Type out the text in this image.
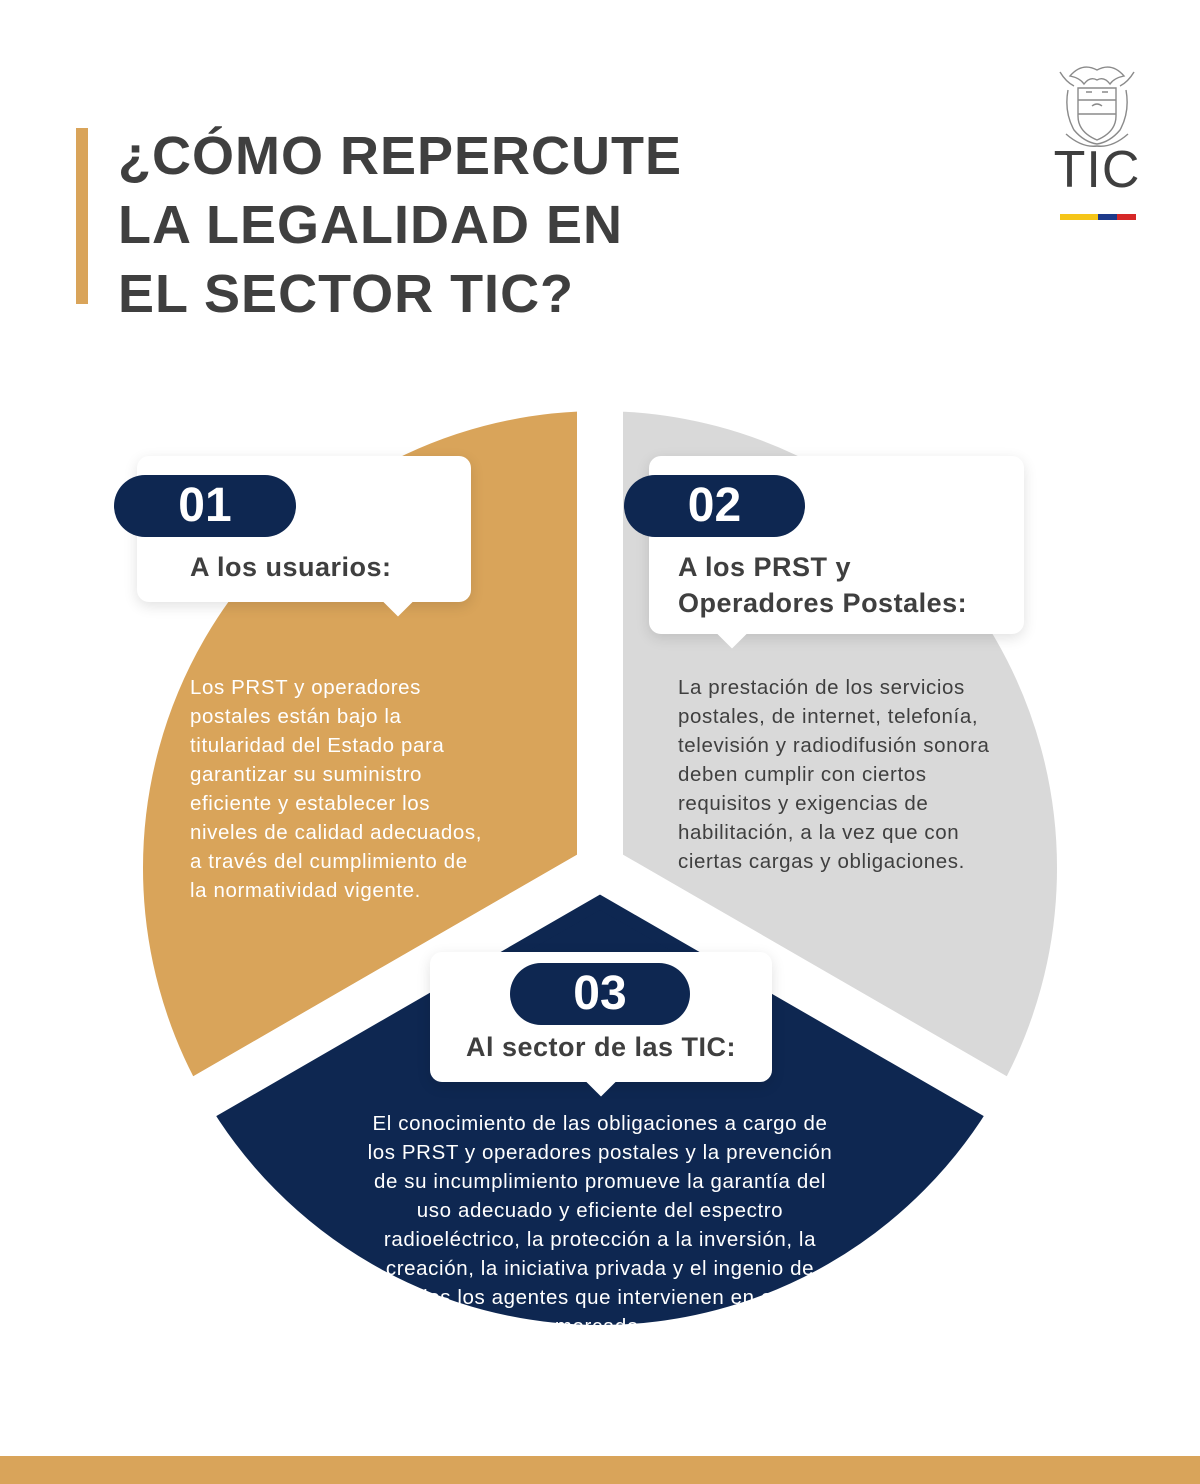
¿CÓMO REPERCUTE
LA LEGALIDAD EN
EL SECTOR TIC?
TIC
01
A los usuarios:
Los PRST y operadores
postales están bajo la
titularidad del Estado para
garantizar su suministro
eficiente y establecer los
niveles de calidad adecuados,
a través del cumplimiento de
la normatividad vigente.
02
A los PRST y
Operadores Postales:
La prestación de los servicios
postales, de internet, telefonía,
televisión y radiodifusión sonora
deben cumplir con ciertos
requisitos y exigencias de
habilitación, a la vez que con
ciertas cargas y obligaciones.
03
Al sector de las TIC:
El conocimiento de las obligaciones a cargo de
los PRST y operadores postales y la prevención
de su incumplimiento promueve la garantía del
uso adecuado y eficiente del espectro
radioeléctrico, la protección a la inversión, la
creación, la iniciativa privada y el ingenio de
todos los agentes que intervienen en este
mercado.
